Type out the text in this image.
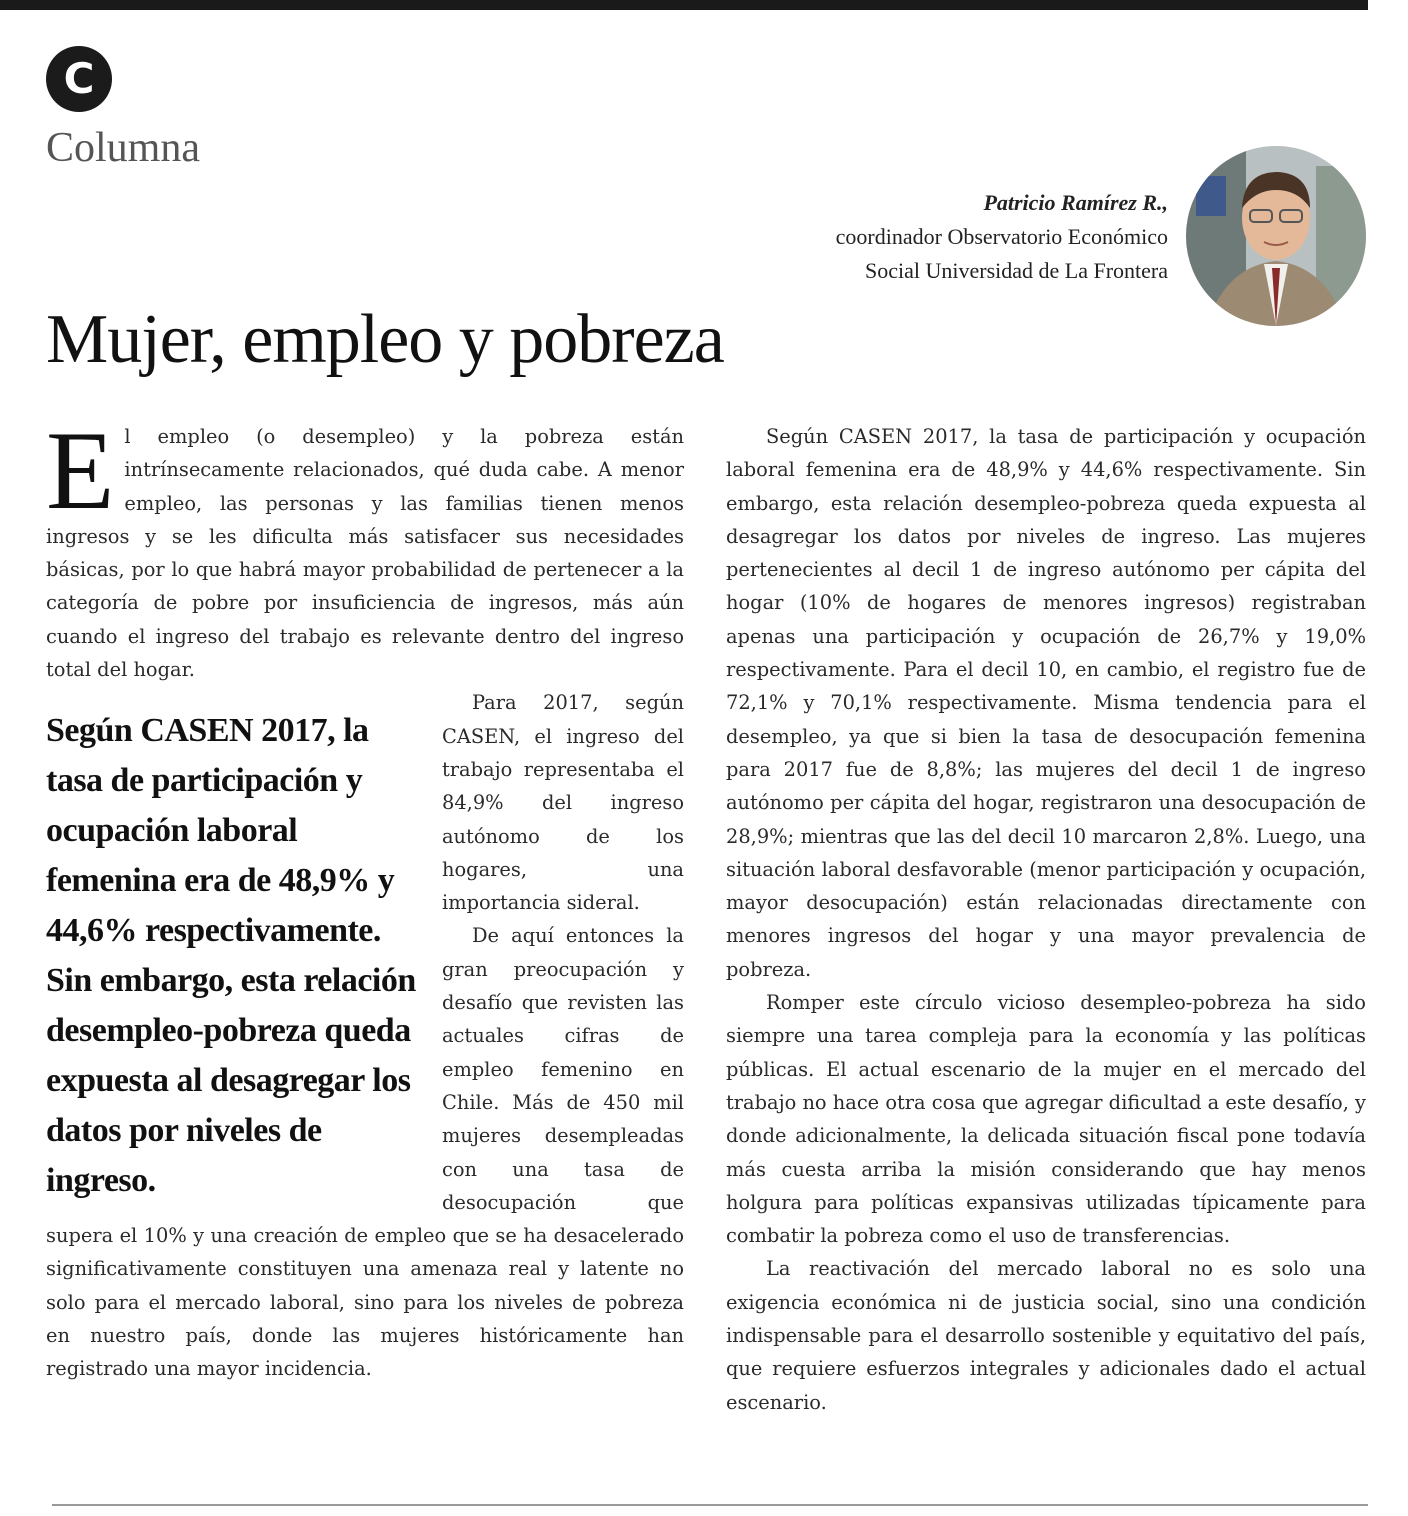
C
Columna
Patricio Ramírez R.,
coordinador Observatorio Económico
Social Universidad de La Frontera
Mujer, empleo y pobreza
E l empleo (o desempleo) y la pobreza están intrínsecamente relacionados, qué duda cabe. A menor empleo, las personas y las familias tienen menos ingresos y se les dificulta más satisfacer sus necesidades básicas, por lo que habrá mayor probabilidad de pertenecer a la categoría de pobre por insuficiencia de ingresos, más aún cuando el ingreso del trabajo es relevante dentro del ingreso total del hogar.

Según CASEN 2017, la tasa de participación y ocupación laboral femenina era de 48,9% y 44,6% respectivamente. Sin embargo, esta relación desempleo-pobreza queda expuesta al desagregar los datos por niveles de ingreso.

Para 2017, según CASEN, el ingreso del trabajo representaba el 84,9% del ingreso autónomo de los hogares, una importancia sideral.

De aquí entonces la gran preocupación y desafío que revisten las actuales cifras de empleo femenino en Chile. Más de 450 mil mujeres desempleadas con una tasa de desocupación que supera el 10% y una creación de empleo que se ha desacelerado significativamente constituyen una amenaza real y latente no solo para el mercado laboral, sino para los niveles de pobreza en nuestro país, donde las mujeres históricamente han registrado una mayor incidencia.

Según CASEN 2017, la tasa de participación y ocupación laboral femenina era de 48,9% y 44,6% respectivamente. Sin embargo, esta relación desempleo-pobreza queda expuesta al desagregar los datos por niveles de ingreso. Las mujeres pertenecientes al decil 1 de ingreso autónomo per cápita del hogar (10% de hogares de menores ingresos) registraban apenas una participación y ocupación de 26,7% y 19,0% respectivamente. Para el decil 10, en cambio, el registro fue de 72,1% y 70,1% respectivamente. Misma tendencia para el desempleo, ya que si bien la tasa de desocupación femenina para 2017 fue de 8,8%; las mujeres del decil 1 de ingreso autónomo per cápita del hogar, registraron una desocupación de 28,9%; mientras que las del decil 10 marcaron 2,8%. Luego, una situación laboral desfavorable (menor participación y ocupación, mayor desocupación) están relacionadas directamente con menores ingresos del hogar y una mayor prevalencia de pobreza.

Romper este círculo vicioso desempleo-pobreza ha sido siempre una tarea compleja para la economía y las políticas públicas. El actual escenario de la mujer en el mercado del trabajo no hace otra cosa que agregar dificultad a este desafío, y donde adicionalmente, la delicada situación fiscal pone todavía más cuesta arriba la misión considerando que hay menos holgura para políticas expansivas utilizadas típicamente para combatir la pobreza como el uso de transferencias.

La reactivación del mercado laboral no es solo una exigencia económica ni de justicia social, sino una condición indispensable para el desarrollo sostenible y equitativo del país, que requiere esfuerzos integrales y adicionales dado el actual escenario.
